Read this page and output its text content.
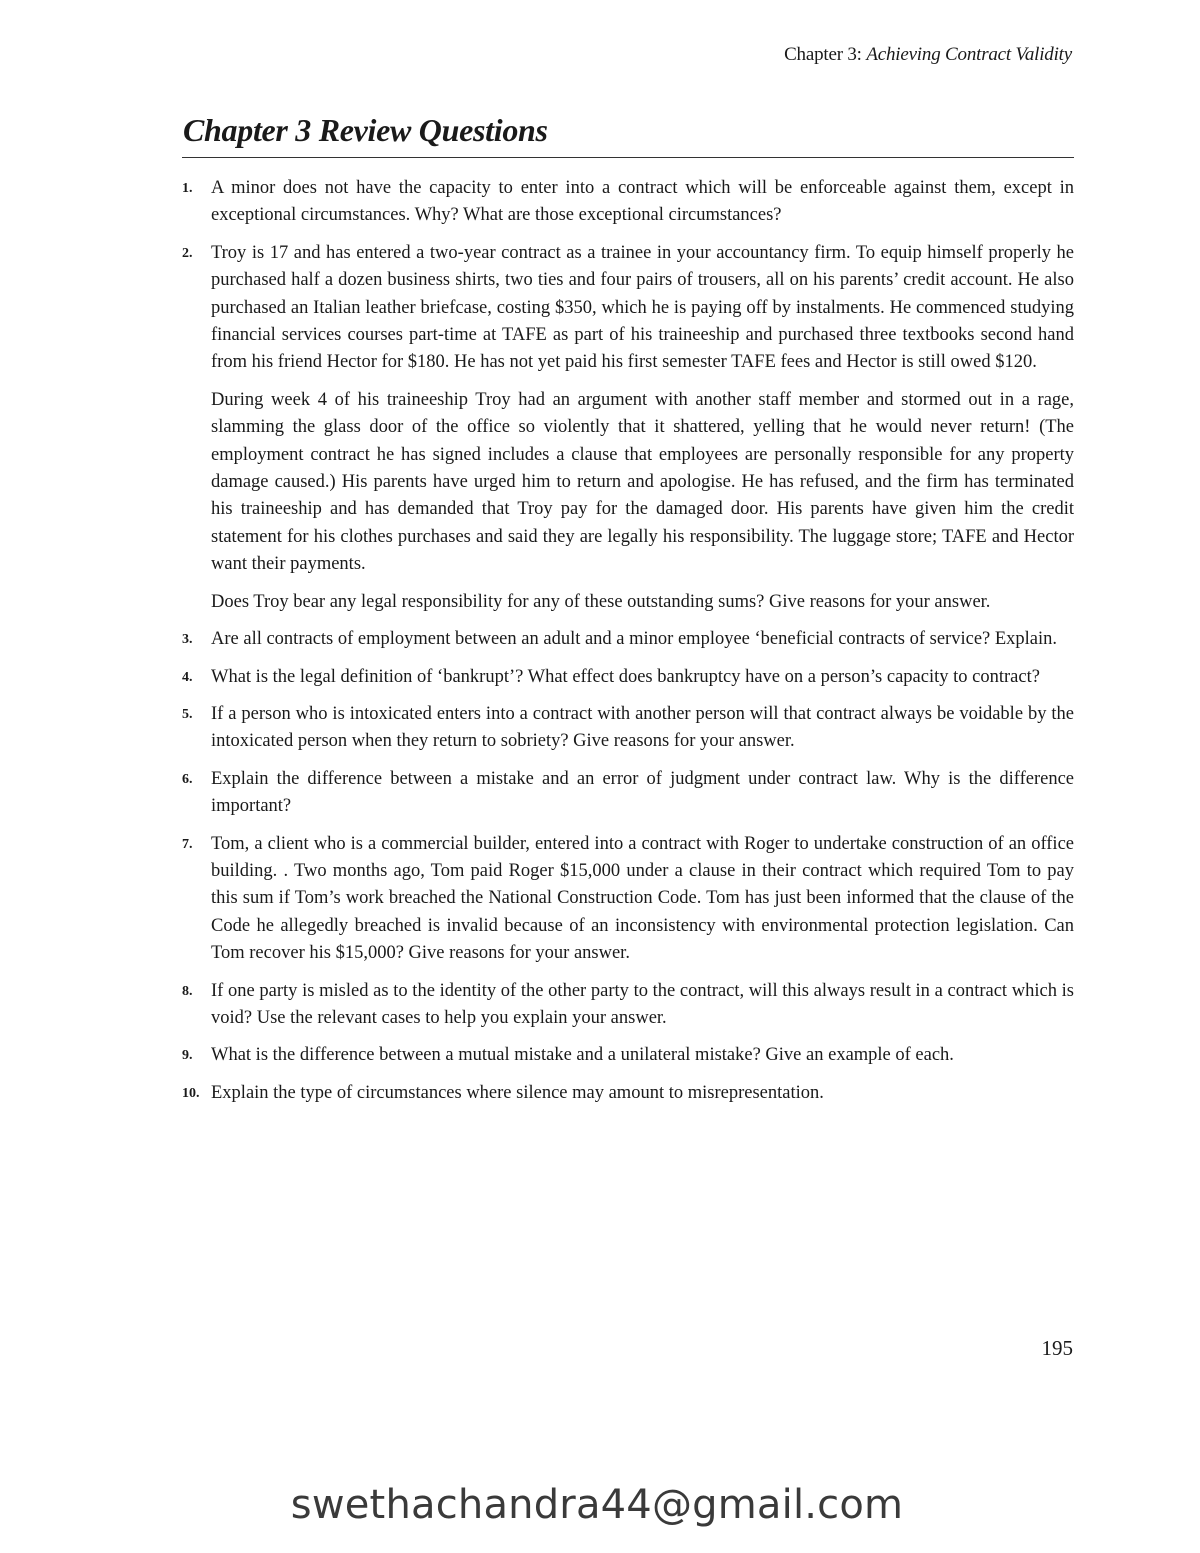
Chapter 3: Achieving Contract Validity
Chapter 3 Review Questions
1. A minor does not have the capacity to enter into a contract which will be enforceable against them, except in exceptional circumstances. Why? What are those exceptional circumstances?

2. Troy is 17 and has entered a two-year contract as a trainee in your accountancy firm. To equip himself properly he purchased half a dozen business shirts, two ties and four pairs of trousers, all on his parents’ credit account. He also purchased an Italian leather briefcase, costing $350, which he is paying off by instalments. He commenced studying financial services courses part-time at TAFE as part of his traineeship and purchased three textbooks second hand from his friend Hector for $180. He has not yet paid his first semester TAFE fees and Hector is still owed $120.

During week 4 of his traineeship Troy had an argument with another staff member and stormed out in a rage, slamming the glass door of the office so violently that it shattered, yelling that he would never return! (The employment contract he has signed includes a clause that employees are personally responsible for any property damage caused.) His parents have urged him to return and apologise. He has refused, and the firm has terminated his traineeship and has demanded that Troy pay for the damaged door. His parents have given him the credit statement for his clothes purchases and said they are legally his responsibility. The luggage store; TAFE and Hector want their payments.

Does Troy bear any legal responsibility for any of these outstanding sums? Give reasons for your answer.

3. Are all contracts of employment between an adult and a minor employee ‘beneficial contracts of service? Explain.

4. What is the legal definition of ‘bankrupt’? What effect does bankruptcy have on a person’s capacity to contract?

5. If a person who is intoxicated enters into a contract with another person will that contract always be voidable by the intoxicated person when they return to sobriety? Give reasons for your answer.

6. Explain the difference between a mistake and an error of judgment under contract law. Why is the difference important?

7. Tom, a client who is a commercial builder, entered into a contract with Roger to undertake construction of an office building. . Two months ago, Tom paid Roger $15,000 under a clause in their contract which required Tom to pay this sum if Tom’s work breached the National Construction Code. Tom has just been informed that the clause of the Code he allegedly breached is invalid because of an inconsistency with environmental protection legislation. Can Tom recover his $15,000? Give reasons for your answer.

8. If one party is misled as to the identity of the other party to the contract, will this always result in a contract which is void? Use the relevant cases to help you explain your answer.

9. What is the difference between a mutual mistake and a unilateral mistake? Give an example of each.

10. Explain the type of circumstances where silence may amount to misrepresentation.

195
swethachandra44@gmail.com
